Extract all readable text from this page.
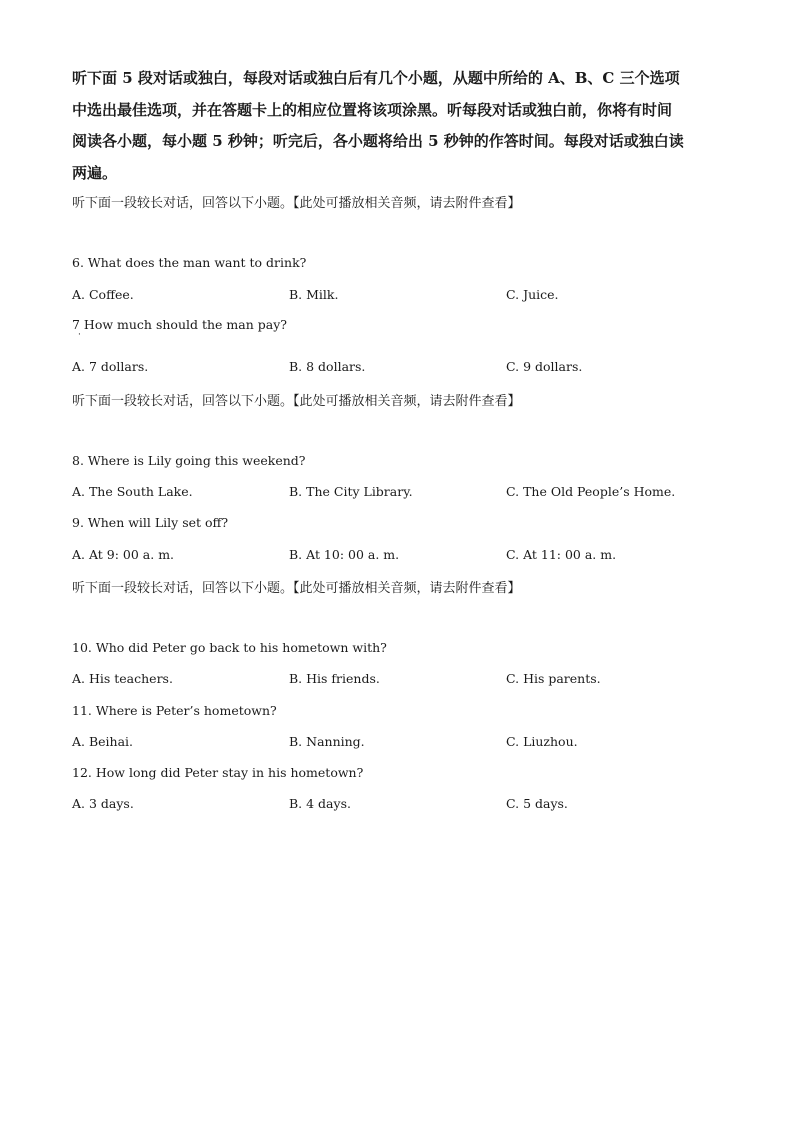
听下面 5 段对话或独白，每段对话或独白后有几个小题，从题中所给的 A、B、C 三个选项
中选出最佳选项，并在答题卡上的相应位置将该项涂黑。听每段对话或独白前，你将有时间
阅读各小题，每小题 5 秒钟；听完后，各小题将给出 5 秒钟的作答时间。每段对话或独白读
两遍。
听下面一段较长对话，回答以下小题。【此处可播放相关音频，请去附件查看】
6. What does the man want to drink?
A. Coffee.	B. Milk.	C. Juice.
7 How much should the man pay?
·
A. 7 dollars.	B. 8 dollars.	C. 9 dollars.
听下面一段较长对话，回答以下小题。【此处可播放相关音频，请去附件查看】
8. Where is Lily going this weekend?
A. The South Lake.	B. The City Library.	C. The Old People’s Home.
9. When will Lily set off?
A. At 9: 00 a. m.	B. At 10: 00 a. m.	C. At 11: 00 a. m.
听下面一段较长对话，回答以下小题。【此处可播放相关音频，请去附件查看】
10. Who did Peter go back to his hometown with?
A. His teachers.	B. His friends.	C. His parents.
11. Where is Peter’s hometown?
A. Beihai.	B. Nanning.	C. Liuzhou.
12. How long did Peter stay in his hometown?
A. 3 days.	B. 4 days.	C. 5 days.
